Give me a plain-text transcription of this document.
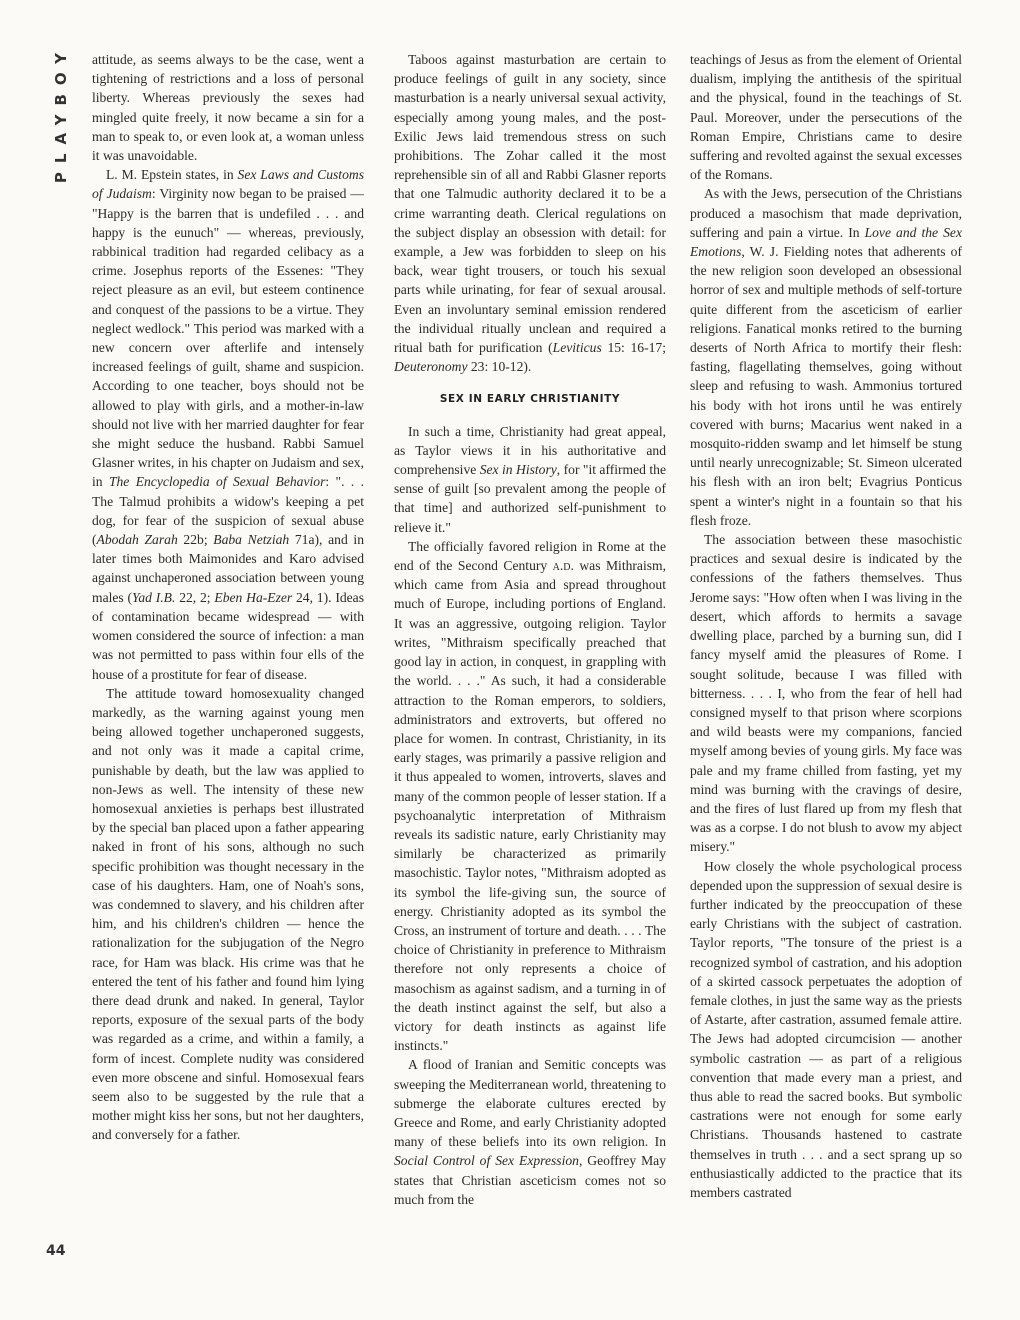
PLAYBOY
44

attitude, as seems always to be the case, went a tightening of restrictions and a loss of personal liberty. Whereas previously the sexes had mingled quite freely, it now became a sin for a man to speak to, or even look at, a woman unless it was unavoidable.

L. M. Epstein states, in Sex Laws and Customs of Judaism: Virginity now began to be praised — "Happy is the barren that is undefiled . . . and happy is the eunuch" — whereas, previously, rabbinical tradition had regarded celibacy as a crime. Josephus reports of the Essenes: "They reject pleasure as an evil, but esteem continence and conquest of the passions to be a virtue. They neglect wedlock." This period was marked with a new concern over afterlife and intensely increased feelings of guilt, shame and suspicion. According to one teacher, boys should not be allowed to play with girls, and a mother-in-law should not live with her married daughter for fear she might seduce the husband. Rabbi Samuel Glasner writes, in his chapter on Judaism and sex, in The Encyclopedia of Sexual Behavior: ". . . The Talmud prohibits a widow's keeping a pet dog, for fear of the suspicion of sexual abuse (Abodah Zarah 22b; Baba Netziah 71a), and in later times both Maimonides and Karo advised against unchaperoned association between young males (Yad I.B. 22, 2; Eben Ha-Ezer 24, 1). Ideas of contamination became widespread — with women considered the source of infection: a man was not permitted to pass within four ells of the house of a prostitute for fear of disease.

The attitude toward homosexuality changed markedly, as the warning against young men being allowed together unchaperoned suggests, and not only was it made a capital crime, punishable by death, but the law was applied to non-Jews as well. The intensity of these new homosexual anxieties is perhaps best illustrated by the special ban placed upon a father appearing naked in front of his sons, although no such specific prohibition was thought necessary in the case of his daughters. Ham, one of Noah's sons, was condemned to slavery, and his children after him, and his children's children — hence the rationalization for the subjugation of the Negro race, for Ham was black. His crime was that he entered the tent of his father and found him lying there dead drunk and naked. In general, Taylor reports, exposure of the sexual parts of the body was regarded as a crime, and within a family, a form of incest. Complete nudity was considered even more obscene and sinful. Homosexual fears seem also to be suggested by the rule that a mother might kiss her sons, but not her daughters, and conversely for a father.

Taboos against masturbation are certain to produce feelings of guilt in any society, since masturbation is a nearly universal sexual activity, especially among young males, and the post-Exilic Jews laid tremendous stress on such prohibitions. The Zohar called it the most reprehensible sin of all and Rabbi Glasner reports that one Talmudic authority declared it to be a crime warranting death. Clerical regulations on the subject display an obsession with detail: for example, a Jew was forbidden to sleep on his back, wear tight trousers, or touch his sexual parts while urinating, for fear of sexual arousal. Even an involuntary seminal emission rendered the individual ritually unclean and required a ritual bath for purification (Leviticus 15: 16-17; Deuteronomy 23: 10-12).

SEX IN EARLY CHRISTIANITY

In such a time, Christianity had great appeal, as Taylor views it in his authoritative and comprehensive Sex in History, for "it affirmed the sense of guilt [so prevalent among the people of that time] and authorized self-punishment to relieve it."

The officially favored religion in Rome at the end of the Second Century a.d. was Mithraism, which came from Asia and spread throughout much of Europe, including portions of England. It was an aggressive, outgoing religion. Taylor writes, "Mithraism specifically preached that good lay in action, in conquest, in grappling with the world. . . ." As such, it had a considerable attraction to the Roman emperors, to soldiers, administrators and extroverts, but offered no place for women. In contrast, Christianity, in its early stages, was primarily a passive religion and it thus appealed to women, introverts, slaves and many of the common people of lesser station. If a psychoanalytic interpretation of Mithraism reveals its sadistic nature, early Christianity may similarly be characterized as primarily masochistic. Taylor notes, "Mithraism adopted as its symbol the life-giving sun, the source of energy. Christianity adopted as its symbol the Cross, an instrument of torture and death. . . . The choice of Christianity in preference to Mithraism therefore not only represents a choice of masochism as against sadism, and a turning in of the death instinct against the self, but also a victory for death instincts as against life instincts."

A flood of Iranian and Semitic concepts was sweeping the Mediterranean world, threatening to submerge the elaborate cultures erected by Greece and Rome, and early Christianity adopted many of these beliefs into its own religion. In Social Control of Sex Expression, Geoffrey May states that Christian asceticism comes not so much from the

teachings of Jesus as from the element of Oriental dualism, implying the antithesis of the spiritual and the physical, found in the teachings of St. Paul. Moreover, under the persecutions of the Roman Empire, Christians came to desire suffering and revolted against the sexual excesses of the Romans.

As with the Jews, persecution of the Christians produced a masochism that made deprivation, suffering and pain a virtue. In Love and the Sex Emotions, W. J. Fielding notes that adherents of the new religion soon developed an obsessional horror of sex and multiple methods of self-torture quite different from the asceticism of earlier religions. Fanatical monks retired to the burning deserts of North Africa to mortify their flesh: fasting, flagellating themselves, going without sleep and refusing to wash. Ammonius tortured his body with hot irons until he was entirely covered with burns; Macarius went naked in a mosquito-ridden swamp and let himself be stung until nearly unrecognizable; St. Simeon ulcerated his flesh with an iron belt; Evagrius Ponticus spent a winter's night in a fountain so that his flesh froze.

The association between these masochistic practices and sexual desire is indicated by the confessions of the fathers themselves. Thus Jerome says: "How often when I was living in the desert, which affords to hermits a savage dwelling place, parched by a burning sun, did I fancy myself amid the pleasures of Rome. I sought solitude, because I was filled with bitterness. . . . I, who from the fear of hell had consigned myself to that prison where scorpions and wild beasts were my companions, fancied myself among bevies of young girls. My face was pale and my frame chilled from fasting, yet my mind was burning with the cravings of desire, and the fires of lust flared up from my flesh that was as a corpse. I do not blush to avow my abject misery."

How closely the whole psychological process depended upon the suppression of sexual desire is further indicated by the preoccupation of these early Christians with the subject of castration. Taylor reports, "The tonsure of the priest is a recognized symbol of castration, and his adoption of a skirted cassock perpetuates the adoption of female clothes, in just the same way as the priests of Astarte, after castration, assumed female attire. The Jews had adopted circumcision — another symbolic castration — as part of a religious convention that made every man a priest, and thus able to read the sacred books. But symbolic castrations were not enough for some early Christians. Thousands hastened to castrate themselves in truth . . . and a sect sprang up so enthusiastically addicted to the practice that its members castrated
